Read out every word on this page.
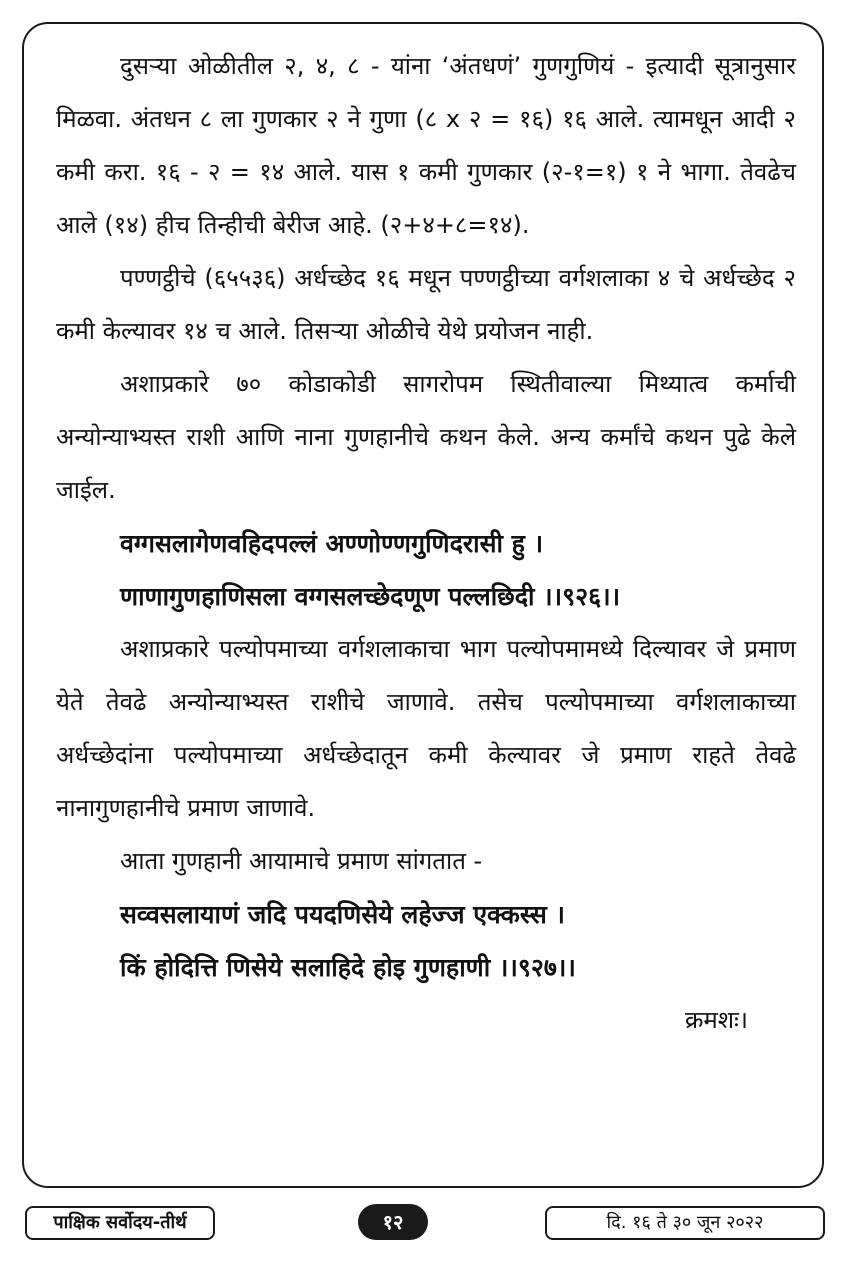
दुसऱ्या ओळीतील २, ४, ८ - यांना ‘अंतधणं’ गुणगुणियं - इत्यादी सूत्रानुसार मिळवा. अंतधन ८ ला गुणकार २ ने गुणा (८ x २ = १६) १६ आले. त्यामधून आदी २ कमी करा. १६ - २ = १४ आले. यास १ कमी गुणकार (२-१=१) १ ने भागा. तेवढेच आले (१४) हीच तिन्हीची बेरीज आहे. (२+४+८=१४).

पण्णट्ठीचे (६५५३६) अर्धच्छेद १६ मधून पण्णट्ठीच्या वर्गशलाका ४ चे अर्धच्छेद २ कमी केल्यावर १४ च आले. तिसऱ्या ओळीचे येथे प्रयोजन नाही.

अशाप्रकारे ७० कोडाकोडी सागरोपम स्थितीवाल्या मिथ्यात्व कर्माची अन्योन्याभ्यस्त राशी आणि नाना गुणहानीचे कथन केले. अन्य कर्मांचे कथन पुढे केले जाईल.

वग्गसलागेणवहिदपल्लं अण्णोण्णगुणिदरासी हु ।

णाणागुणहाणिसला वग्गसलच्छेदणूण पल्लछिदी ।।९२६।।

अशाप्रकारे पल्योपमाच्या वर्गशलाकाचा भाग पल्योपमामध्ये दिल्यावर जे प्रमाण येते तेवढे अन्योन्याभ्यस्त राशीचे जाणावे. तसेच पल्योपमाच्या वर्गशलाकाच्या अर्धच्छेदांना पल्योपमाच्या अर्धच्छेदातून कमी केल्यावर जे प्रमाण राहते तेवढे नानागुणहानीचे प्रमाण जाणावे.

आता गुणहानी आयामाचे प्रमाण सांगतात -

सव्वसलायाणं जदि पयदणिसेये लहेज्ज एक्कस्स ।

किं होदित्ति णिसेये सलाहिदे होइ गुणहाणी ।।९२७।।

क्रमशः।

पाक्षिक सर्वोदय-तीर्थ	१२	दि. १६ ते ३० जून २०२२
